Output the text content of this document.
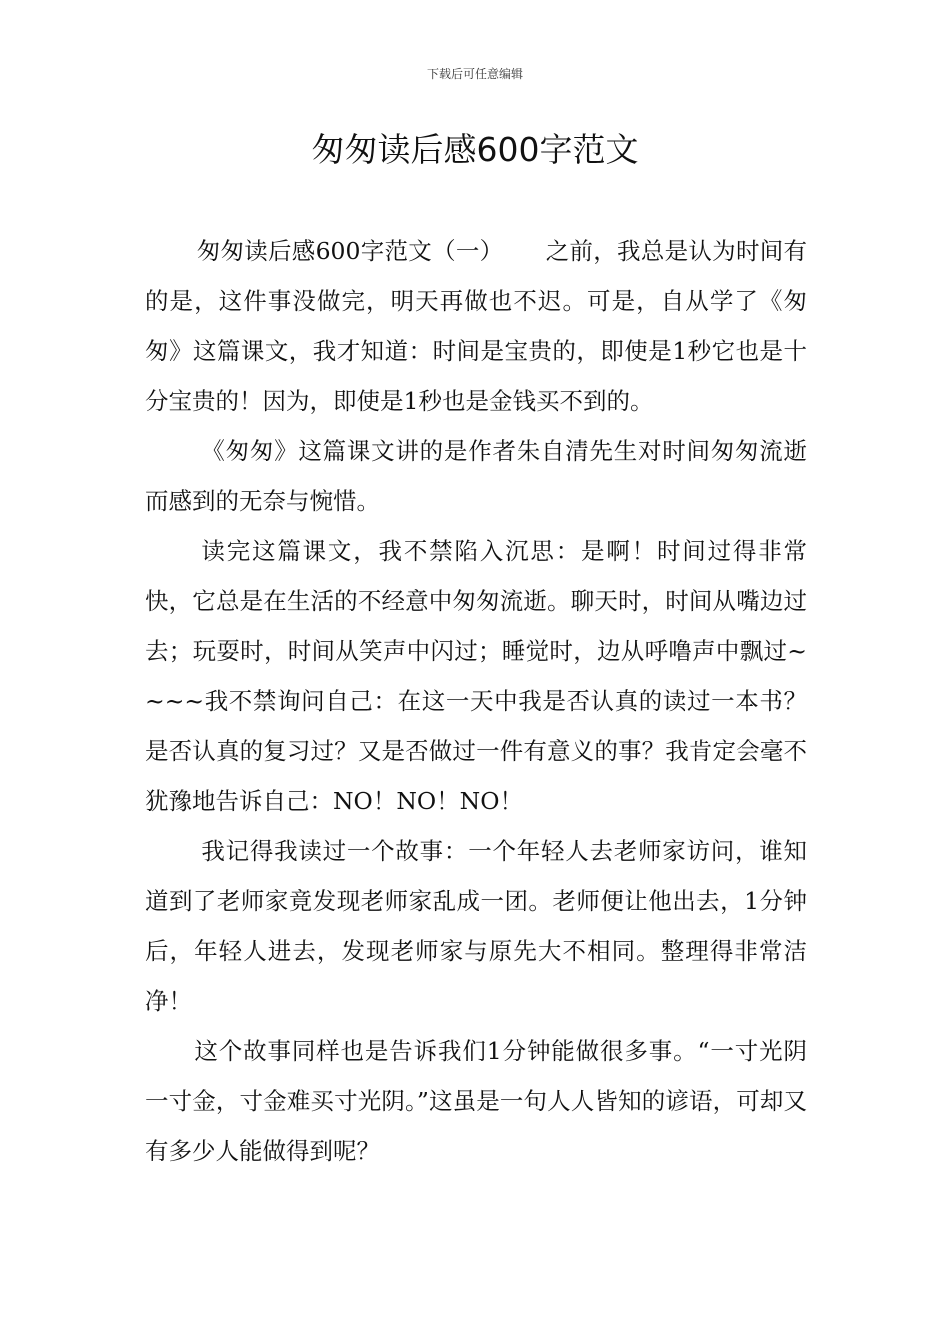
下载后可任意编辑
匆匆读后感600字范文

匆匆读后感600字范文（一） 之前，我总是认为时间有的是，这件事没做完，明天再做也不迟。可是，自从学了《匆匆》这篇课文，我才知道：时间是宝贵的，即使是1秒它也是十分宝贵的！因为，即使是1秒也是金钱买不到的。

《匆匆》这篇课文讲的是作者朱自清先生对时间匆匆流逝而感到的无奈与惋惜。

读完这篇课文，我不禁陷入沉思：是啊！时间过得非常快，它总是在生活的不经意中匆匆流逝。聊天时，时间从嘴边过去；玩耍时，时间从笑声中闪过；睡觉时，边从呼噜声中飘过~~~~我不禁询问自己：在这一天中我是否认真的读过一本书？是否认真的复习过？又是否做过一件有意义的事？我肯定会毫不犹豫地告诉自己：NO！NO！NO！

我记得我读过一个故事：一个年轻人去老师家访问，谁知道到了老师家竟发现老师家乱成一团。老师便让他出去，1分钟后，年轻人进去，发现老师家与原先大不相同。整理得非常洁净！

这个故事同样也是告诉我们1分钟能做很多事。“一寸光阴一寸金，寸金难买寸光阴。”这虽是一句人人皆知的谚语，可却又有多少人能做得到呢？
